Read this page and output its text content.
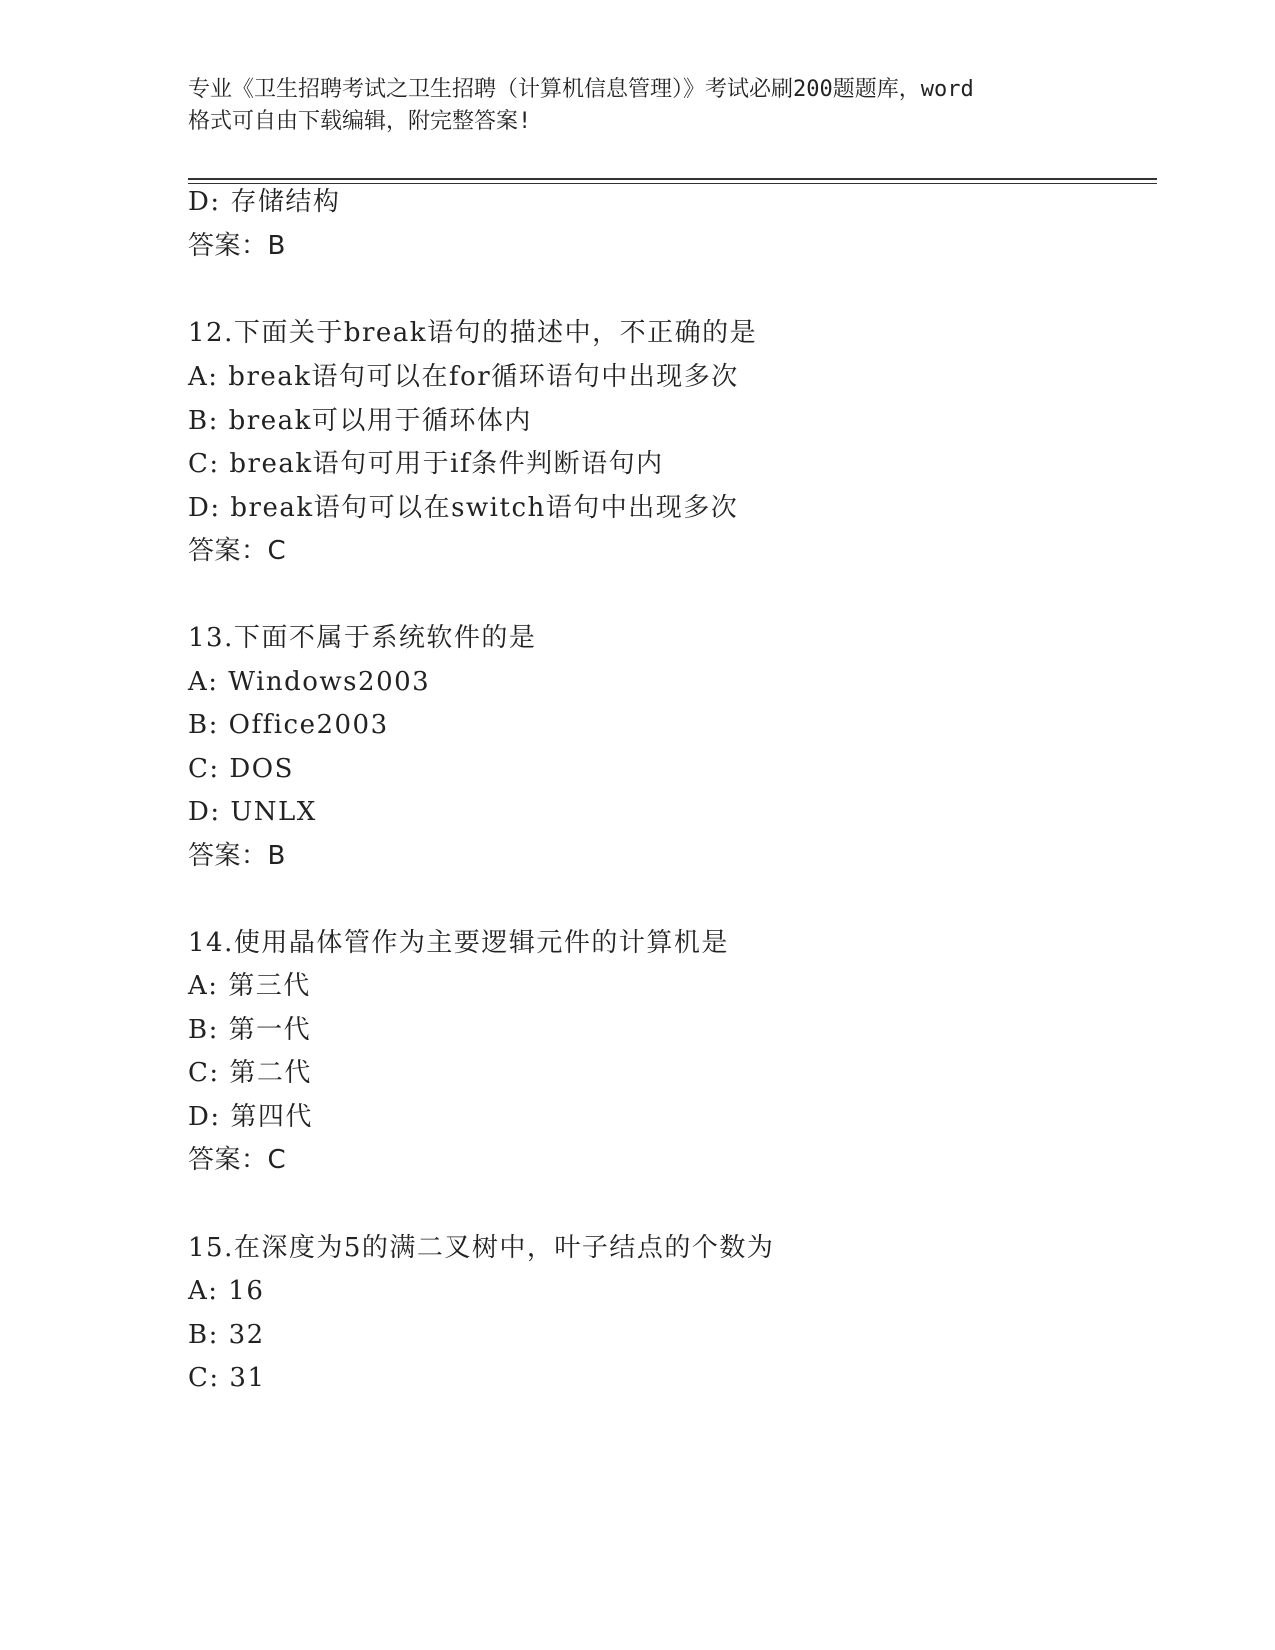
专业《卫生招聘考试之卫生招聘（计算机信息管理）》考试必刷200题题库，word
格式可自由下载编辑，附完整答案!
D: 存储结构
答案：B
12.下面关于break语句的描述中，不正确的是
A: break语句可以在for循环语句中出现多次
B: break可以用于循环体内
C: break语句可用于if条件判断语句内
D: break语句可以在switch语句中出现多次
答案：C
13.下面不属于系统软件的是
A: Windows2003
B: Office2003
C: DOS
D: UNLX
答案：B
14.使用晶体管作为主要逻辑元件的计算机是
A: 第三代
B: 第一代
C: 第二代
D: 第四代
答案：C
15.在深度为5的满二叉树中，叶子结点的个数为
A: 16
B: 32
C: 31
